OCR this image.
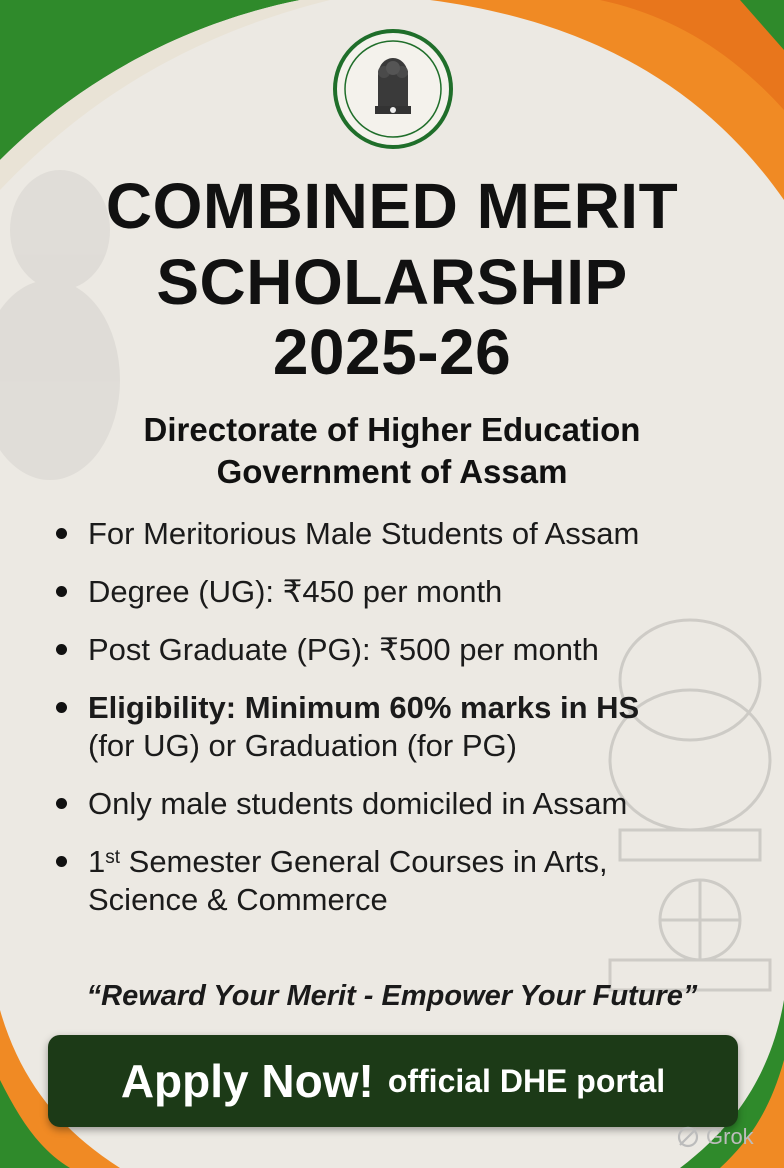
COMBINED MERIT
SCHOLARSHIP
2025-26
Directorate of Higher Education
Government of Assam
For Meritorious Male Students of Assam
Degree (UG): ₹450 per month
Post Graduate (PG): ₹500 per month
Eligibility: Minimum 60% marks in HS
(for UG) or Graduation (for PG)
Only male students domiciled in Assam
1st Semester General Courses in Arts,
Science & Commerce
“Reward Your Merit - Empower Your Future”
Apply Now! official DHE portal
Grok
